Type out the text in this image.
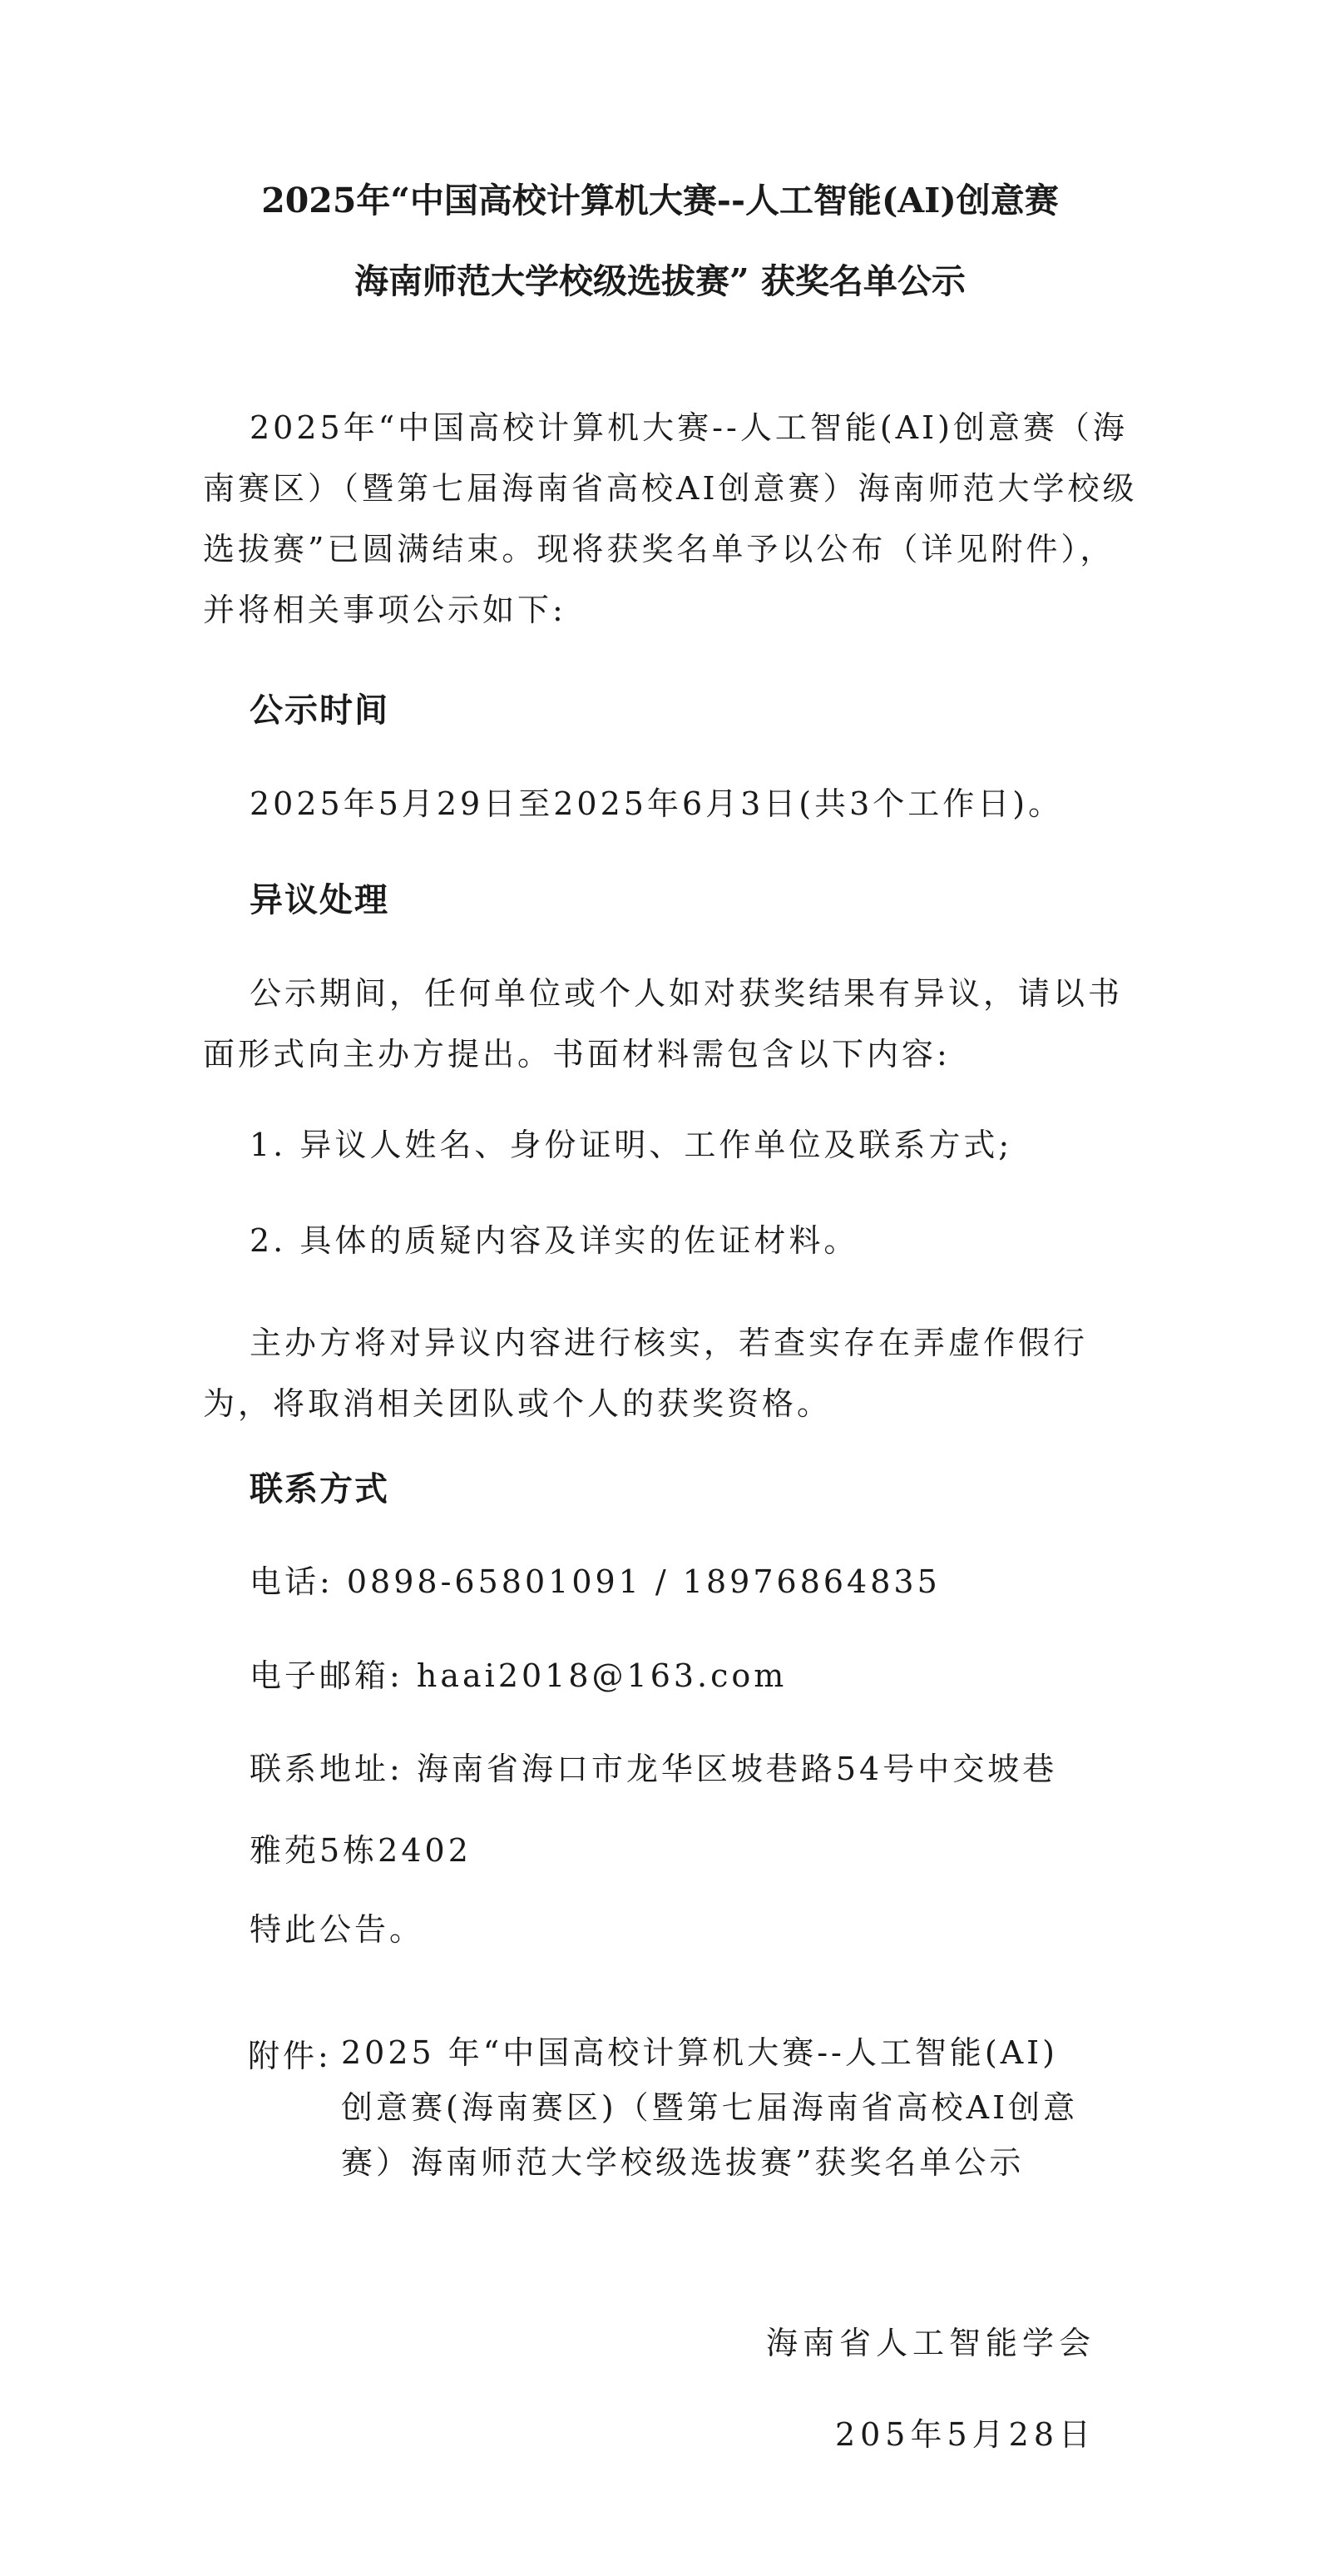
2025年“中国高校计算机大赛--人工智能(AI)创意赛
海南师范大学校级选拔赛” 获奖名单公示
2025年“中国高校计算机大赛--人工智能(AI)创意赛（海南赛区）（暨第七届海南省高校AI创意赛）海南师范大学校级选拔赛”已圆满结束。现将获奖名单予以公布（详见附件），并将相关事项公示如下:
公示时间
2025年5月29日至2025年6月3日(共3个工作日)。
异议处理
公示期间，任何单位或个人如对获奖结果有异议，请以书面形式向主办方提出。书面材料需包含以下内容:
1. 异议人姓名、身份证明、工作单位及联系方式;
2. 具体的质疑内容及详实的佐证材料。
主办方将对异议内容进行核实，若查实存在弄虚作假行为，将取消相关团队或个人的获奖资格。
联系方式
电话: 0898-65801091 / 18976864835
电子邮箱: haai2018@163.com
联系地址: 海南省海口市龙华区坡巷路54号中交坡巷
雅苑5栋2402
特此公告。
附件: 2025 年“中国高校计算机大赛--人工智能(AI)创意赛(海南赛区)（暨第七届海南省高校AI创意赛）海南师范大学校级选拔赛”获奖名单公示
海南省人工智能学会
205年5月28日
